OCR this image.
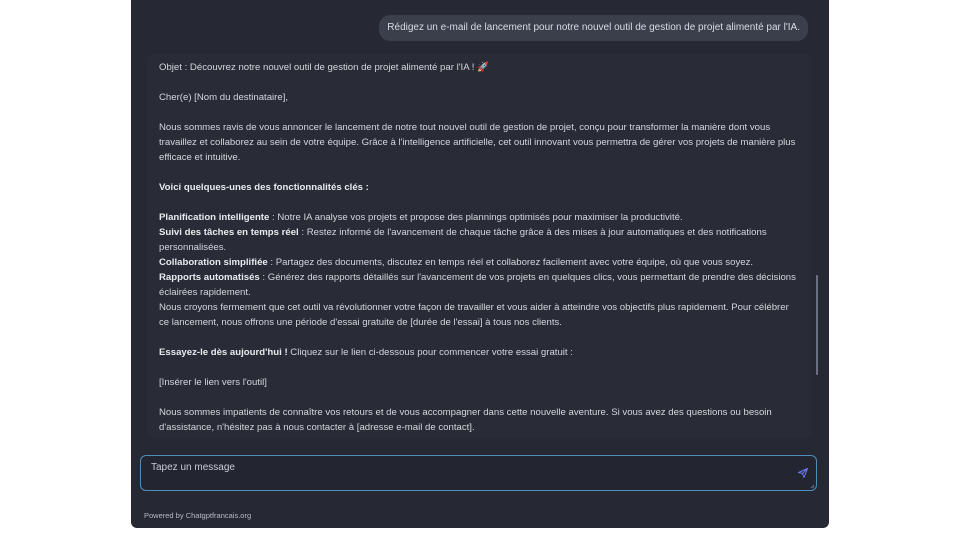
Rédigez un e-mail de lancement pour notre nouvel outil de gestion de projet alimenté par l'IA.

Objet : Découvrez notre nouvel outil de gestion de projet alimenté par l'IA ! 🚀

Cher(e) [Nom du destinataire],

Nous sommes ravis de vous annoncer le lancement de notre tout nouvel outil de gestion de projet, conçu pour transformer la manière dont vous travaillez et collaborez au sein de votre équipe. Grâce à l'intelligence artificielle, cet outil innovant vous permettra de gérer vos projets de manière plus efficace et intuitive.

Voici quelques-unes des fonctionnalités clés :

Planification intelligente : Notre IA analyse vos projets et propose des plannings optimisés pour maximiser la productivité.

Suivi des tâches en temps réel : Restez informé de l'avancement de chaque tâche grâce à des mises à jour automatiques et des notifications personnalisées.

Collaboration simplifiée : Partagez des documents, discutez en temps réel et collaborez facilement avec votre équipe, où que vous soyez.

Rapports automatisés : Générez des rapports détaillés sur l'avancement de vos projets en quelques clics, vous permettant de prendre des décisions éclairées rapidement.

Nous croyons fermement que cet outil va révolutionner votre façon de travailler et vous aider à atteindre vos objectifs plus rapidement. Pour célébrer ce lancement, nous offrons une période d'essai gratuite de [durée de l'essai] à tous nos clients.

Essayez-le dès aujourd'hui ! Cliquez sur le lien ci-dessous pour commencer votre essai gratuit :

[Insérer le lien vers l'outil]

Nous sommes impatients de connaître vos retours et de vous accompagner dans cette nouvelle aventure. Si vous avez des questions ou besoin d'assistance, n'hésitez pas à nous contacter à [adresse e-mail de contact].

Tapez un message
Powered by Chatgptfrancais.org
